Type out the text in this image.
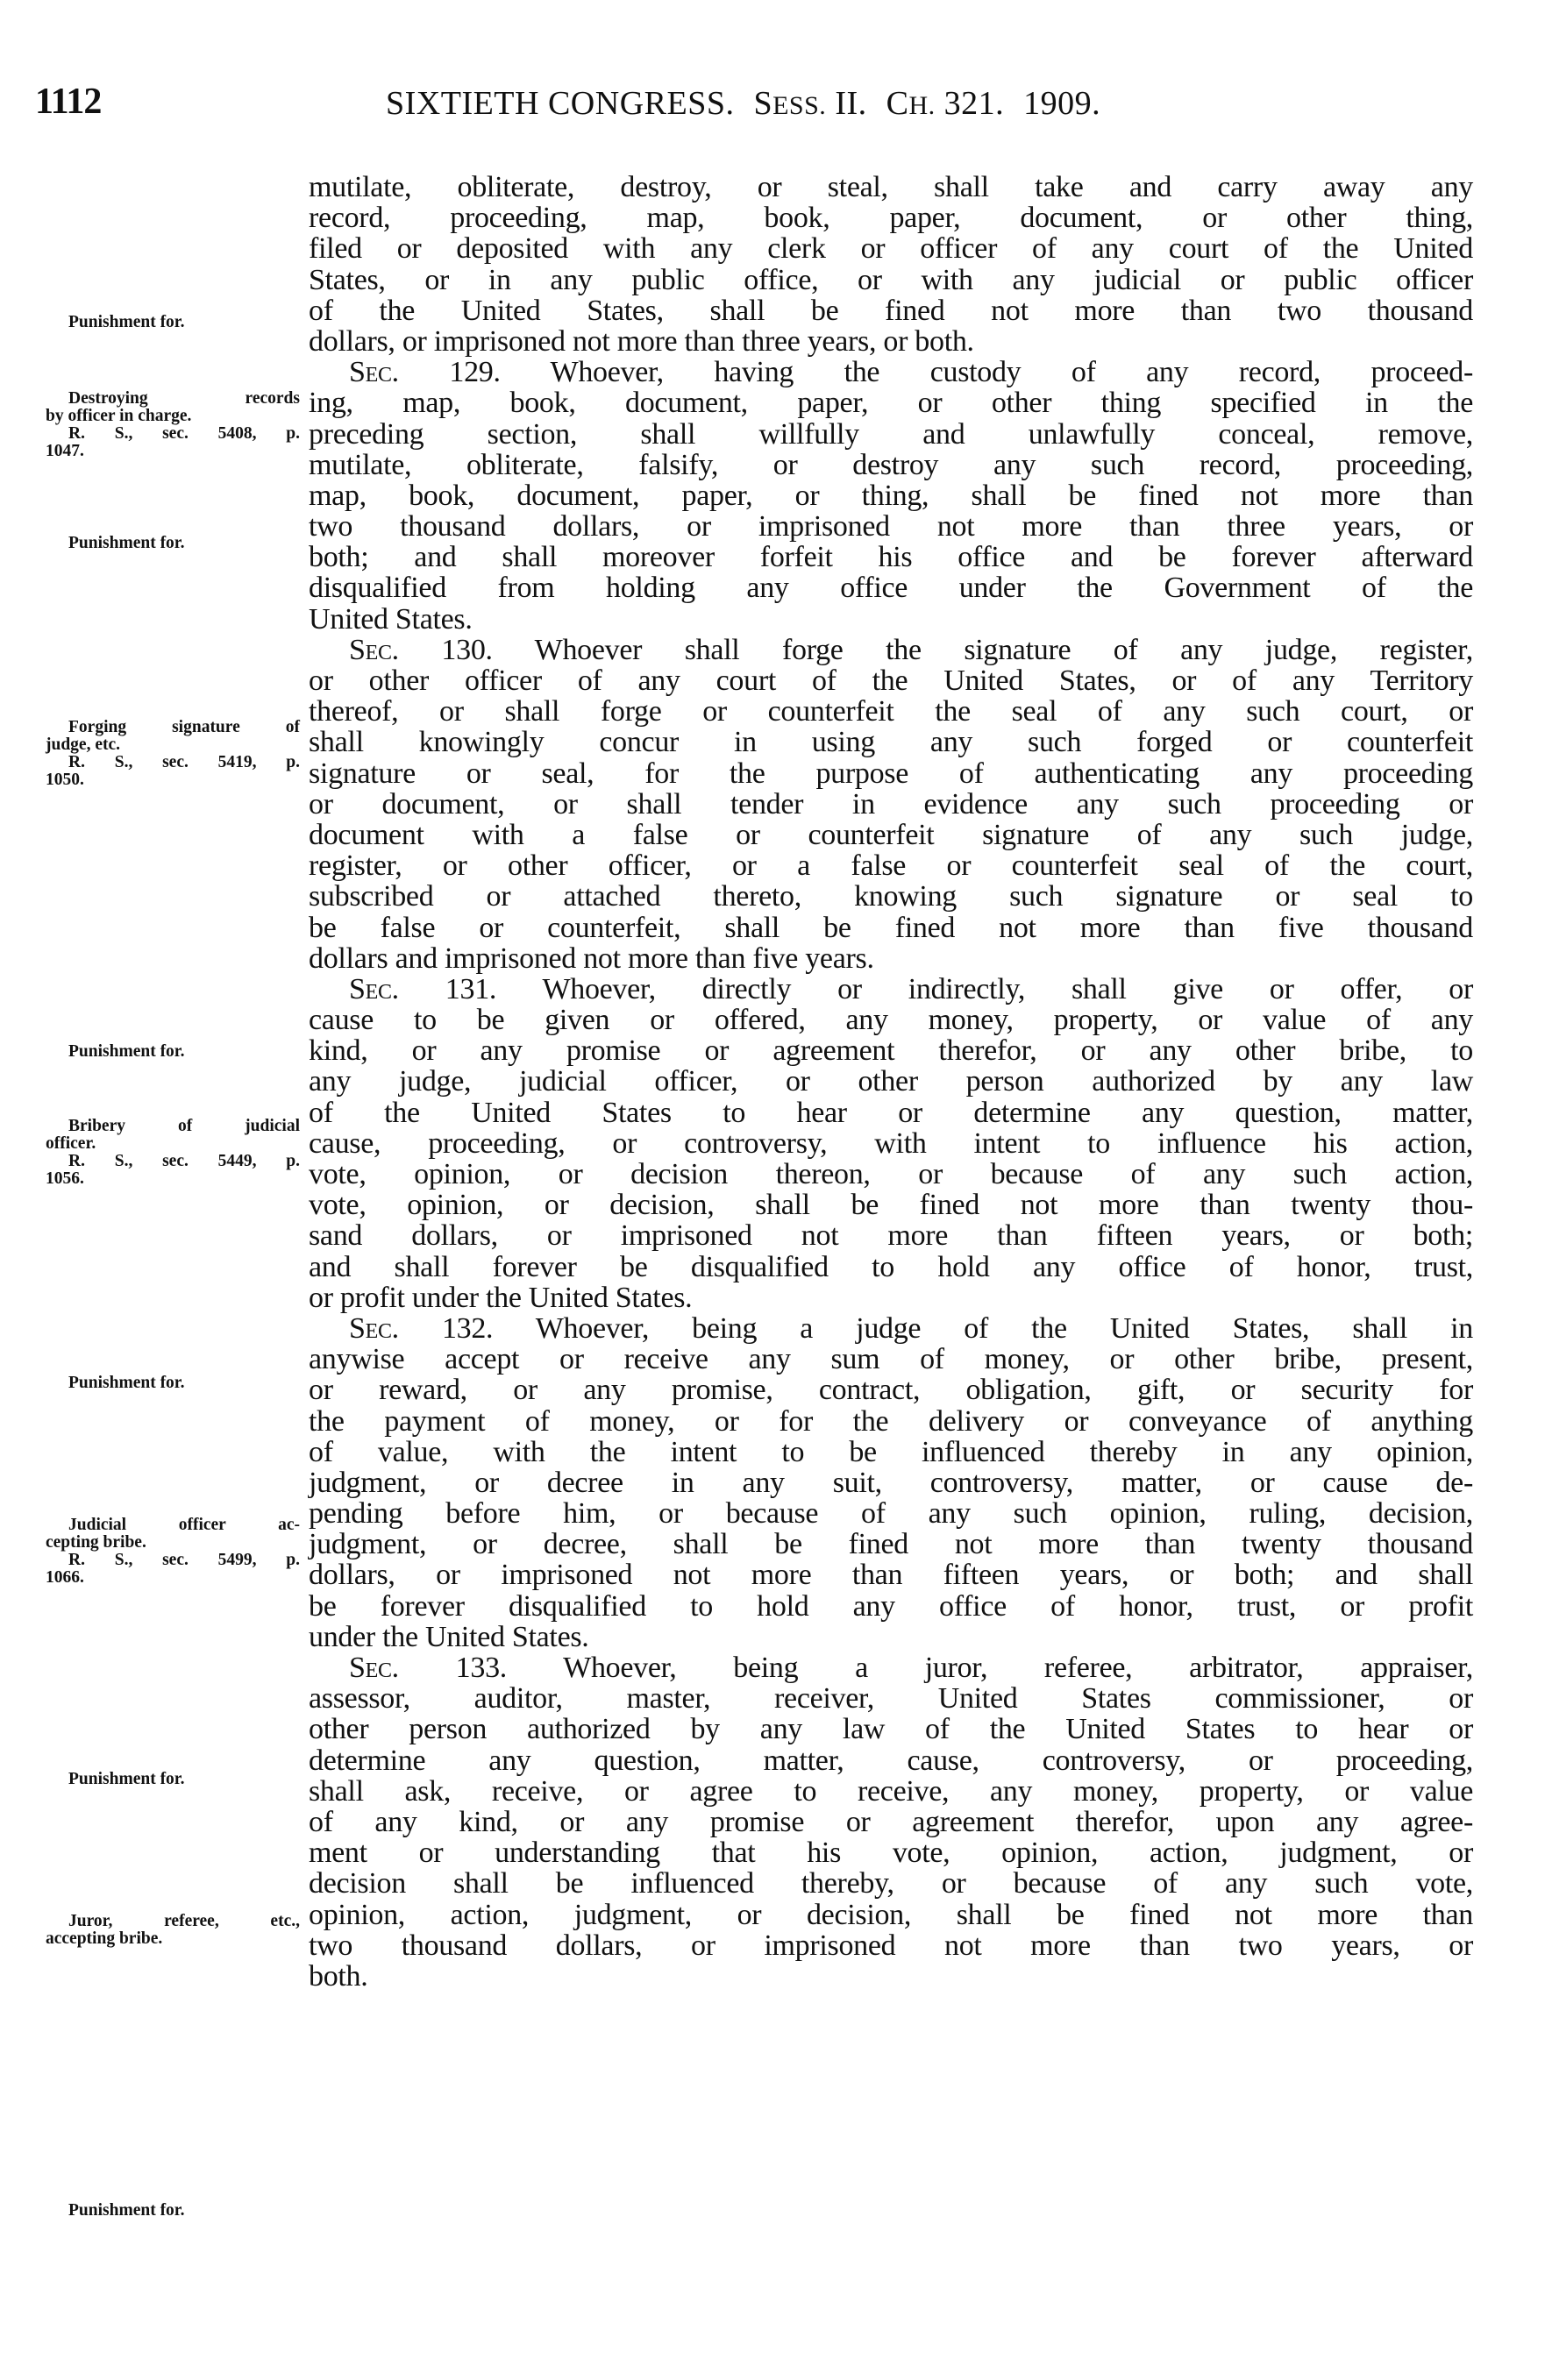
1112	SIXTIETH CONGRESS. SESS. II. CH. 321. 1909.
Punishment for.
Destroying records
by officer in charge.
R. S., sec. 5408, p.
1047.
Punishment for.
Forging signature of
judge, etc.
R. S., sec. 5419, p.
1050.
Punishment for.
Bribery of judicial
officer.
R. S., sec. 5449, p.
1056.
Punishment for.
Judicial officer ac-
cepting bribe.
R. S., sec. 5499, p.
1066.
Punishment for.
Juror, referee, etc.,
accepting bribe.
Punishment for.
mutilate, obliterate, destroy, or steal, shall take and carry away any
record, proceeding, map, book, paper, document, or other thing,
filed or deposited with any clerk or officer of any court of the United
States, or in any public office, or with any judicial or public officer
of the United States, shall be fined not more than two thousand
dollars, or imprisoned not more than three years, or both.
Sec. 129. Whoever, having the custody of any record, proceed-
ing, map, book, document, paper, or other thing specified in the
preceding section, shall willfully and unlawfully conceal, remove,
mutilate, obliterate, falsify, or destroy any such record, proceeding,
map, book, document, paper, or thing, shall be fined not more than
two thousand dollars, or imprisoned not more than three years, or
both; and shall moreover forfeit his office and be forever afterward
disqualified from holding any office under the Government of the
United States.
Sec. 130. Whoever shall forge the signature of any judge, register,
or other officer of any court of the United States, or of any Territory
thereof, or shall forge or counterfeit the seal of any such court, or
shall knowingly concur in using any such forged or counterfeit
signature or seal, for the purpose of authenticating any proceeding
or document, or shall tender in evidence any such proceeding or
document with a false or counterfeit signature of any such judge,
register, or other officer, or a false or counterfeit seal of the court,
subscribed or attached thereto, knowing such signature or seal to
be false or counterfeit, shall be fined not more than five thousand
dollars and imprisoned not more than five years.
Sec. 131. Whoever, directly or indirectly, shall give or offer, or
cause to be given or offered, any money, property, or value of any
kind, or any promise or agreement therefor, or any other bribe, to
any judge, judicial officer, or other person authorized by any law
of the United States to hear or determine any question, matter,
cause, proceeding, or controversy, with intent to influence his action,
vote, opinion, or decision thereon, or because of any such action,
vote, opinion, or decision, shall be fined not more than twenty thou-
sand dollars, or imprisoned not more than fifteen years, or both;
and shall forever be disqualified to hold any office of honor, trust,
or profit under the United States.
Sec. 132. Whoever, being a judge of the United States, shall in
anywise accept or receive any sum of money, or other bribe, present,
or reward, or any promise, contract, obligation, gift, or security for
the payment of money, or for the delivery or conveyance of anything
of value, with the intent to be influenced thereby in any opinion,
judgment, or decree in any suit, controversy, matter, or cause de-
pending before him, or because of any such opinion, ruling, decision,
judgment, or decree, shall be fined not more than twenty thousand
dollars, or imprisoned not more than fifteen years, or both; and shall
be forever disqualified to hold any office of honor, trust, or profit
under the United States.
Sec. 133. Whoever, being a juror, referee, arbitrator, appraiser,
assessor, auditor, master, receiver, United States commissioner, or
other person authorized by any law of the United States to hear or
determine any question, matter, cause, controversy, or proceeding,
shall ask, receive, or agree to receive, any money, property, or value
of any kind, or any promise or agreement therefor, upon any agree-
ment or understanding that his vote, opinion, action, judgment, or
decision shall be influenced thereby, or because of any such vote,
opinion, action, judgment, or decision, shall be fined not more than
two thousand dollars, or imprisoned not more than two years, or
both.
